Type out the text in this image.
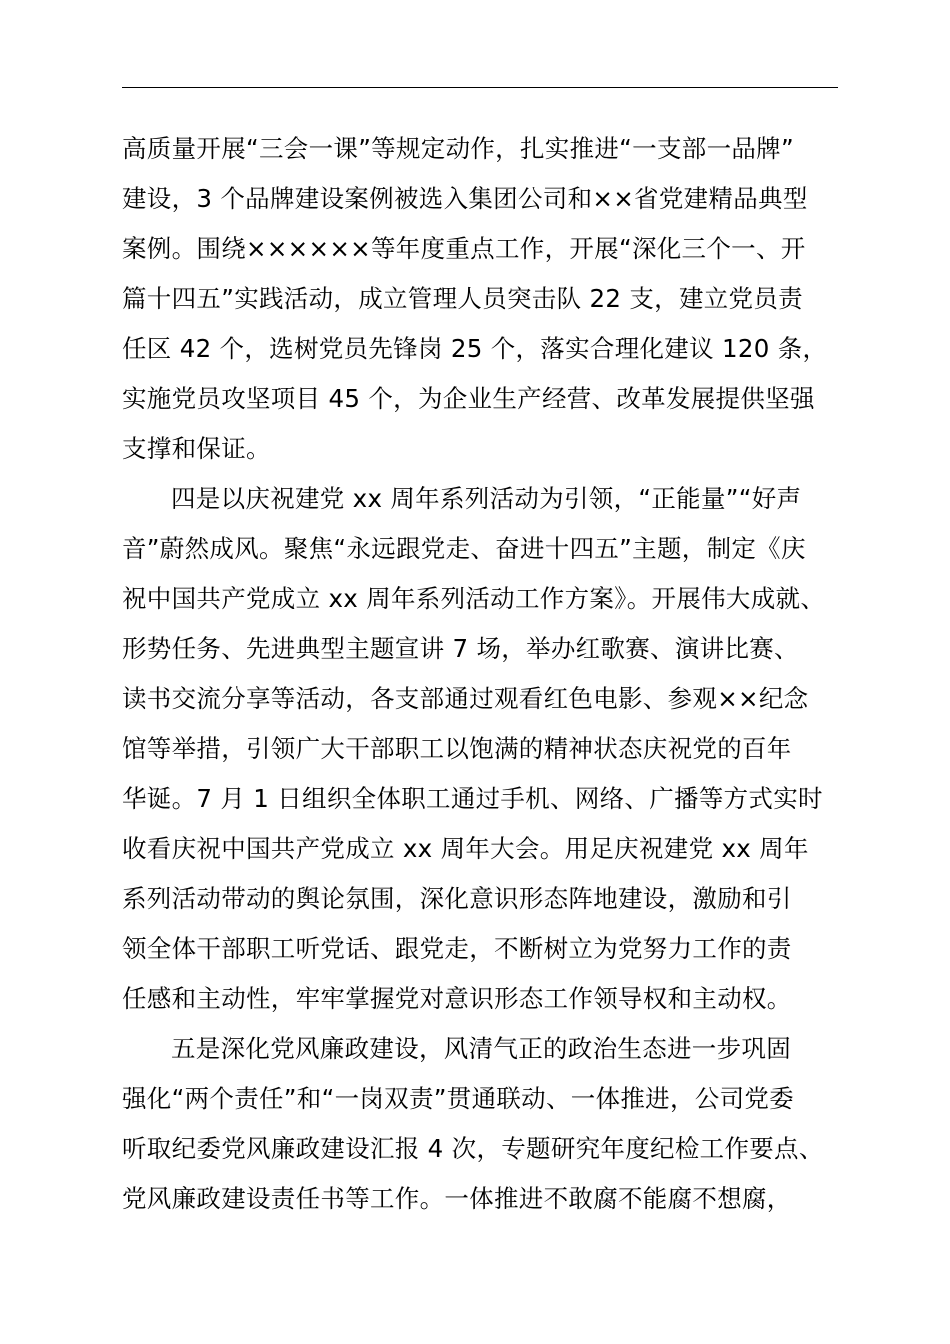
高质量开展“三会一课”等规定动作，扎实推进“一支部一品牌”
建设，3 个品牌建设案例被选入集团公司和××省党建精品典型
案例。围绕××××××等年度重点工作，开展“深化三个一、开
篇十四五”实践活动，成立管理人员突击队 22 支，建立党员责
任区 42 个，选树党员先锋岗 25 个，落实合理化建议 120 条，
实施党员攻坚项目 45 个，为企业生产经营、改革发展提供坚强
支撑和保证。
四是以庆祝建党 xx 周年系列活动为引领，“正能量”“好声
音”蔚然成风。聚焦“永远跟党走、奋进十四五”主题，制定《庆
祝中国共产党成立 xx 周年系列活动工作方案》。开展伟大成就、
形势任务、先进典型主题宣讲 7 场，举办红歌赛、演讲比赛、
读书交流分享等活动，各支部通过观看红色电影、参观××纪念
馆等举措，引领广大干部职工以饱满的精神状态庆祝党的百年
华诞。7 月 1 日组织全体职工通过手机、网络、广播等方式实时
收看庆祝中国共产党成立 xx 周年大会。用足庆祝建党 xx 周年
系列活动带动的舆论氛围，深化意识形态阵地建设，激励和引
领全体干部职工听党话、跟党走，不断树立为党努力工作的责
任感和主动性，牢牢掌握党对意识形态工作领导权和主动权。
五是深化党风廉政建设，风清气正的政治生态进一步巩固
强化“两个责任”和“一岗双责”贯通联动、一体推进，公司党委
听取纪委党风廉政建设汇报 4 次，专题研究年度纪检工作要点、
党风廉政建设责任书等工作。一体推进不敢腐不能腐不想腐，
